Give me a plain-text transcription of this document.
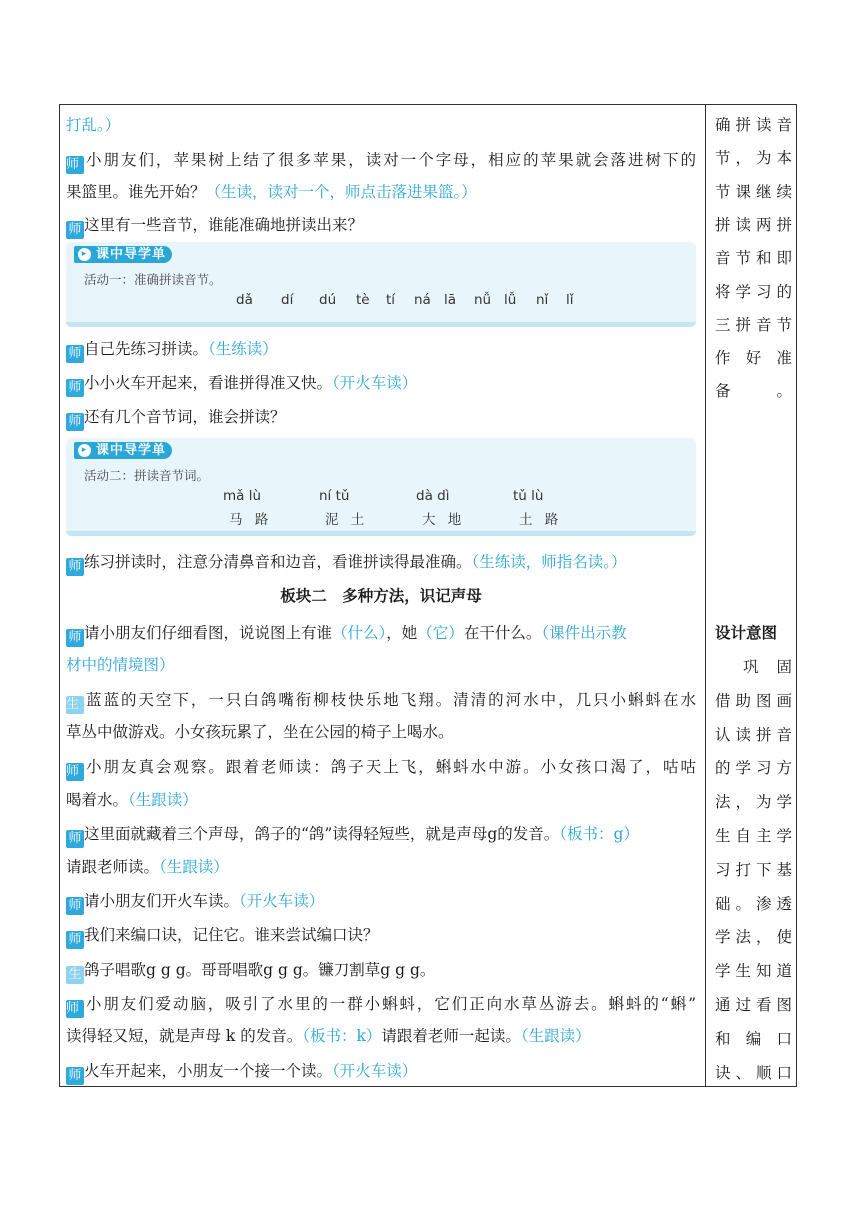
板块二　多种方法，识记声母
▸ 课中导学单
活动一：准确拼读音节。
dǎ dí dú tè tí ná lā nǚ lǚ nǐ lǐ
▸ 课中导学单
活动二：拼读音节词。
mǎ lù
马 路
ní tǔ
泥 土
dà dì
大 地
tǔ lù
土 路
打乱。）
师 小朋友们，苹果树上结了很多苹果，读对一个字母，相应的苹果就会落进树下的
果篮里。谁先开始？（生读，读对一个，师点击落进果篮。）
师 这里有一些音节，谁能准确地拼读出来？
师 自己先练习拼读。（生练读）
师 小小火车开起来，看谁拼得准又快。（开火车读）
师 还有几个音节词，谁会拼读？
师 练习拼读时，注意分清鼻音和边音，看谁拼读得最准确。（生练读，师指名读。）
师 请小朋友们仔细看图，说说图上有谁（什么），她（它）在干什么。（课件出示教
材中的情境图）
生 蓝蓝的天空下，一只白鸽嘴衔柳枝快乐地飞翔。清清的河水中，几只小蝌蚪在水
草丛中做游戏。小女孩玩累了，坐在公园的椅子上喝水。
师 小朋友真会观察。跟着老师读：鸽子天上飞，蝌蚪水中游。小女孩口渴了，咕咕
喝着水。（生跟读）
师 这里面就藏着三个声母，鸽子的“鸽”读得轻短些，就是声母g的发音。（板书：g）
请跟老师读。（生跟读）
师 请小朋友们开火车读。（开火车读）
师 我们来编口诀，记住它。谁来尝试编口诀？
生 鸽子唱歌g g g。哥哥唱歌g g g。镰刀割草g g g。
师 小朋友们爱动脑，吸引了水里的一群小蝌蚪，它们正向水草丛游去。蝌蚪的“蝌”
读得轻又短，就是声母 k 的发音。（板书：k）请跟着老师一起读。（生跟读）
师 火车开起来，小朋友一个接一个读。（开火车读）
确拼读音
节，为本
节课继续
拼读两拼
音节和即
将学习的
三拼音节
作好准
备。
设计意图
巩固
借助图画
认读拼音
的学习方
法，为学
生自主学
习打下基
础。渗透
学法，使
学生知道
通过看图
和编口
诀、顺口
